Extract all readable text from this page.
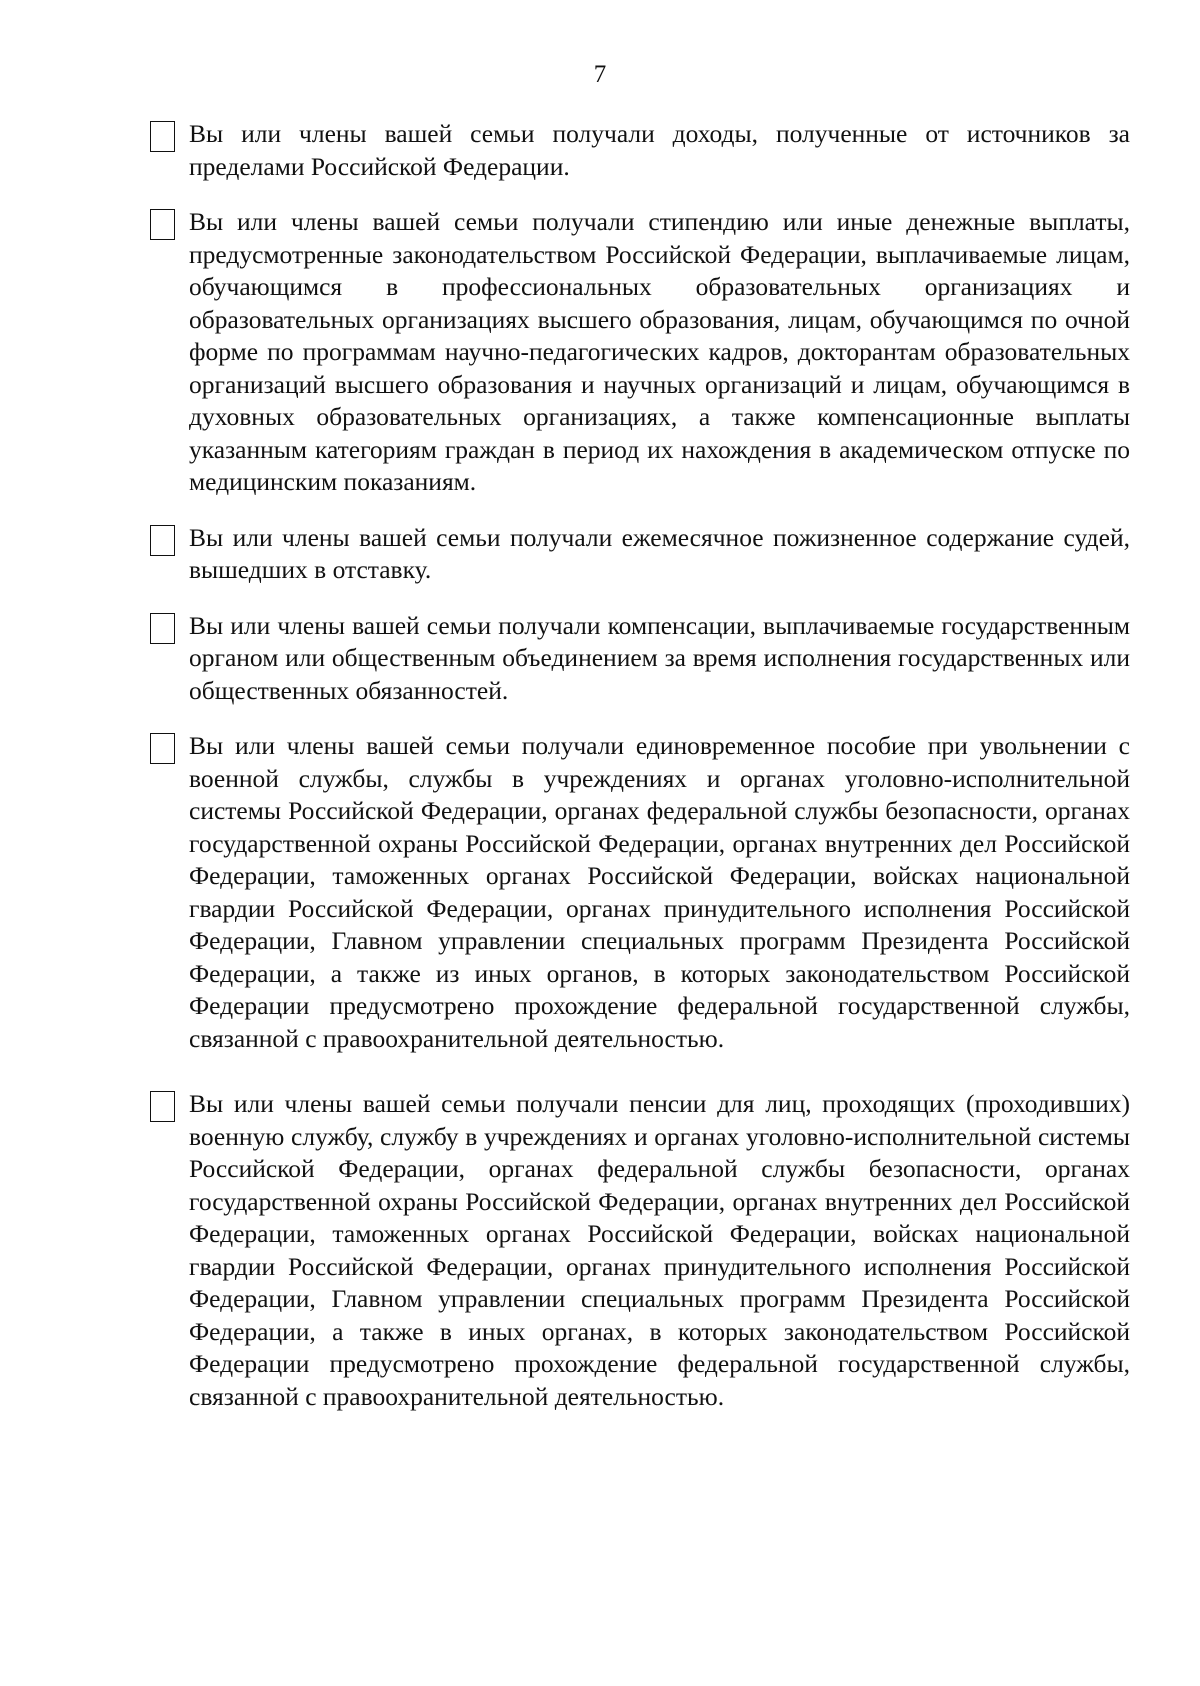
7
Вы или члены вашей семьи получали доходы, полученные от источников за пределами Российской Федерации.
Вы или члены вашей семьи получали стипендию или иные денежные выплаты, предусмотренные законодательством Российской Федерации, выплачиваемые лицам, обучающимся в профессиональных образовательных организациях и образовательных организациях высшего образования, лицам, обучающимся по очной форме по программам научно-педагогических кадров, докторантам образовательных организаций высшего образования и научных организаций и лицам, обучающимся в духовных образовательных организациях, а также компенсационные выплаты указанным категориям граждан в период их нахождения в академическом отпуске по медицинским показаниям.
Вы или члены вашей семьи получали ежемесячное пожизненное содержание судей, вышедших в отставку.
Вы или члены вашей семьи получали компенсации, выплачиваемые государственным органом или общественным объединением за время исполнения государственных или общественных обязанностей.
Вы или члены вашей семьи получали единовременное пособие при увольнении с военной службы, службы в учреждениях и органах уголовно-исполнительной системы Российской Федерации, органах федеральной службы безопасности, органах государственной охраны Российской Федерации, органах внутренних дел Российской Федерации, таможенных органах Российской Федерации, войсках национальной гвардии Российской Федерации, органах принудительного исполнения Российской Федерации, Главном управлении специальных программ Президента Российской Федерации, а также из иных органов, в которых законодательством Российской Федерации предусмотрено прохождение федеральной государственной службы, связанной с правоохранительной деятельностью.
Вы или члены вашей семьи получали пенсии для лиц, проходящих (проходивших) военную службу, службу в учреждениях и органах уголовно-исполнительной системы Российской Федерации, органах федеральной службы безопасности, органах государственной охраны Российской Федерации, органах внутренних дел Российской Федерации, таможенных органах Российской Федерации, войсках национальной гвардии Российской Федерации, органах принудительного исполнения Российской Федерации, Главном управлении специальных программ Президента Российской Федерации, а также в иных органах, в которых законодательством Российской Федерации предусмотрено прохождение федеральной государственной службы, связанной с правоохранительной деятельностью.
